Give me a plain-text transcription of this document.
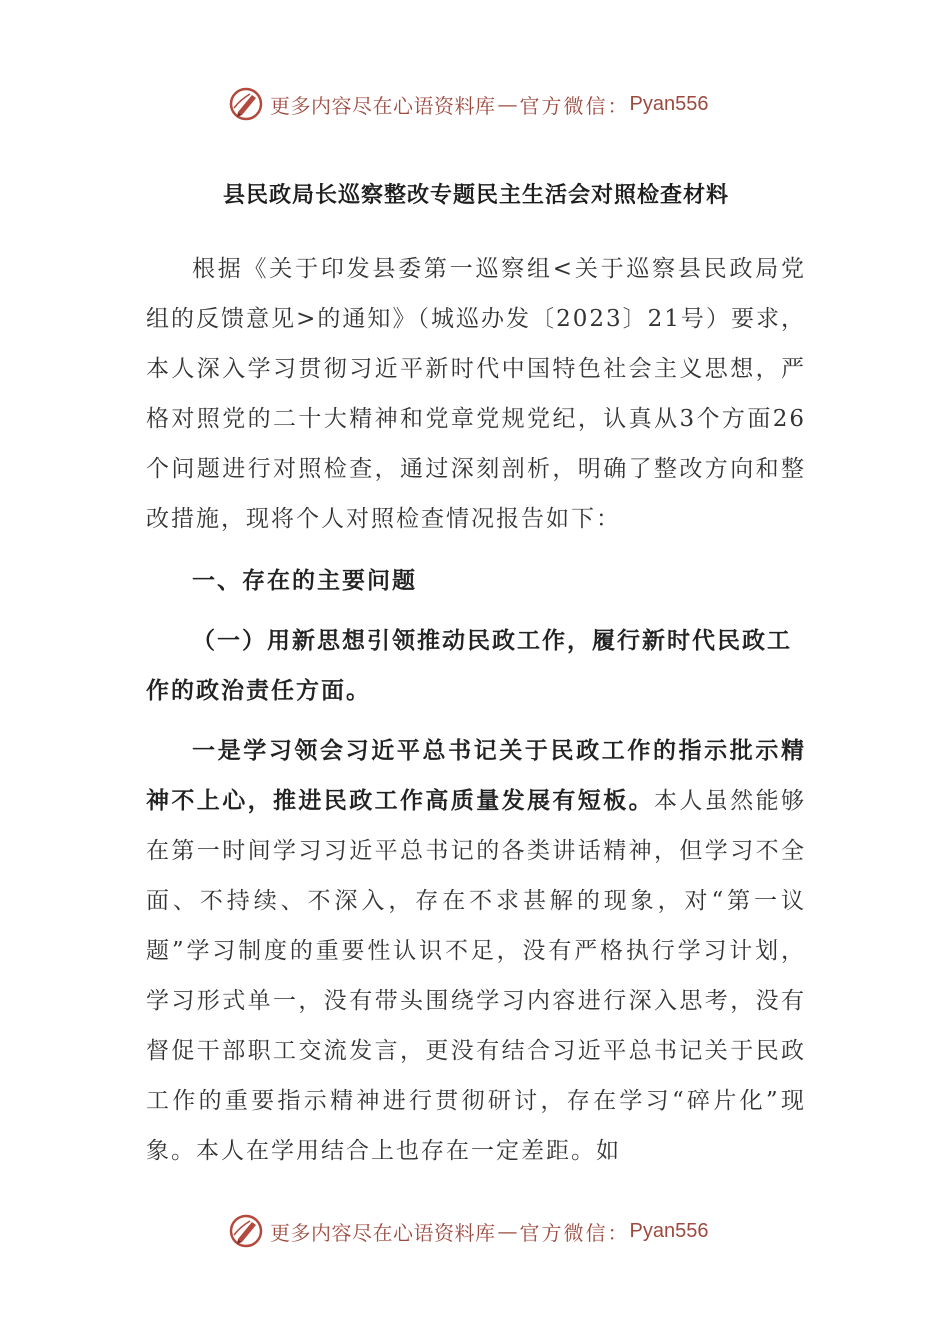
更多内容尽在心语资料库 — 官方微信： Pyan556
县民政局长巡察整改专题民主生活会对照检查材料

根据《关于印发县委第一巡察组<关于巡察县民政局党组的反馈意见>的通知》（城巡办发〔2023〕21号）要求，本人深入学习贯彻习近平新时代中国特色社会主义思想，严格对照党的二十大精神和党章党规党纪，认真从3个方面26个问题进行对照检查，通过深刻剖析，明确了整改方向和整改措施，现将个人对照检查情况报告如下：

一、存在的主要问题

（一）用新思想引领推动民政工作，履行新时代民政工作的政治责任方面。

一是学习领会习近平总书记关于民政工作的指示批示精神不上心，推进民政工作高质量发展有短板。本人虽然能够在第一时间学习习近平总书记的各类讲话精神，但学习不全面、不持续、不深入，存在不求甚解的现象，对“第一议题”学习制度的重要性认识不足，没有严格执行学习计划，学习形式单一，没有带头围绕学习内容进行深入思考，没有督促干部职工交流发言，更没有结合习近平总书记关于民政工作的重要指示精神进行贯彻研讨，存在学习“碎片化”现象。本人在学用结合上也存在一定差距。如

更多内容尽在心语资料库 — 官方微信： Pyan556
